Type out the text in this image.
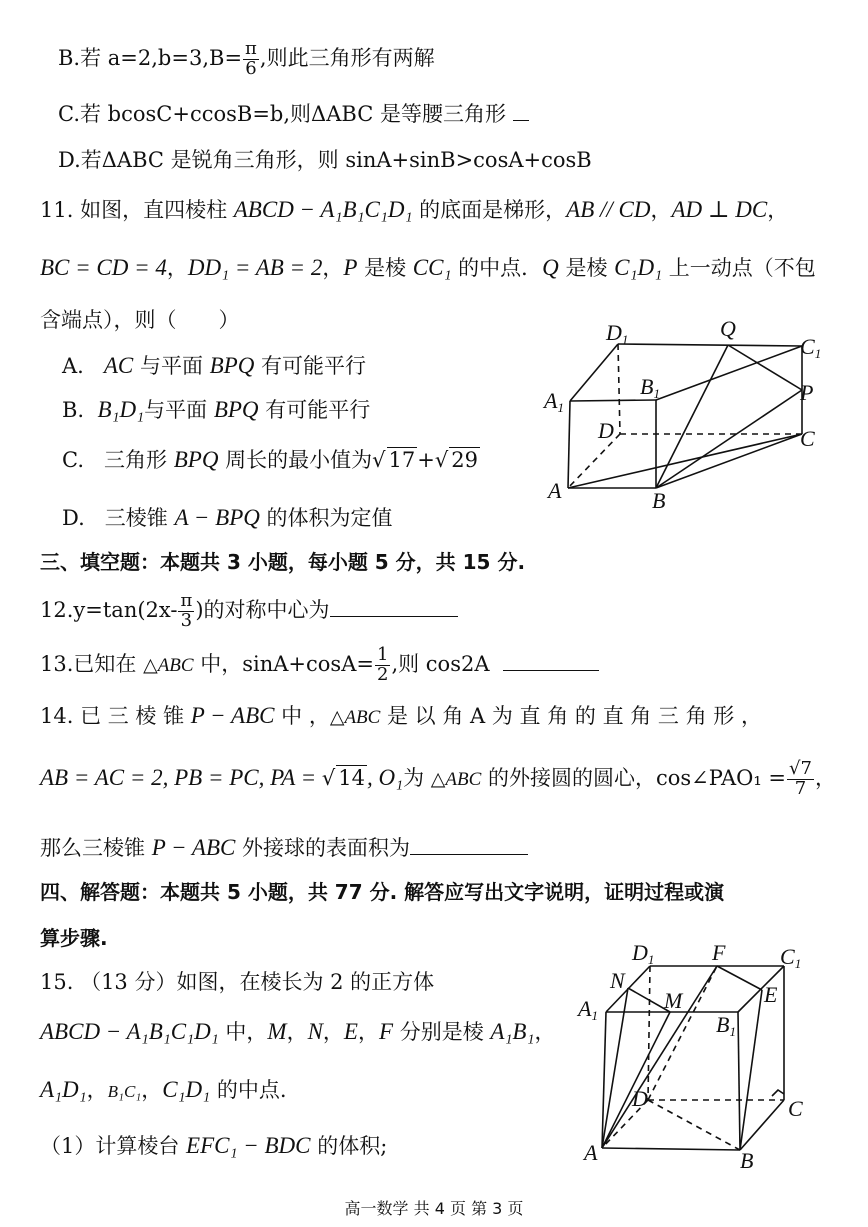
B.若 $a=2,b=3,B= \frac{\pi}{6}$ ,则此三角形有两解
C.若 bcosC+ccosB=b,则ΔABC 是等腰三角形
D.若ΔABC 是锐角三角形，则 sinA+sinB>cosA+cosB
11. 如图，直四棱柱 ABCD − A₁B₁C₁D₁ 的底面是梯形，AB // CD，AD ⊥ DC，
BC = CD = 4，DD₁ = AB = 2，P 是棱 CC₁ 的中点．Q 是棱 C₁D₁ 上一动点（不包
含端点），则（　　）
A. AC 与平面 BPQ 有可能平行
B. B₁D₁与平面 BPQ 有可能平行
C. 三角形 BPQ 周长的最小值为√ 17+√ 29
D. 三棱锥 A − BPQ 的体积为定值
D1	Q
C1
B1
A1
P
D	C
A	B
三、填空题：本题共 3 小题，每小题 5 分，共 15 分.
$12.y=\tan(2x- \frac{\pi}{3}$ )的对称中心为
13.已知在 △ABC 中，$\sin A+\cos A= \frac{1}{2}$ ,则 cos2A
14. 已 三 棱 锥 P − ABC 中 ，△ABC 是 以 角 A 为 直 角 的 直 角 三 角 形 ，
AB = AC = 2, PB = PC, PA = √ 14, O₁为 △ABC 的外接圆的圆心，cos∠PAO₁ = $\frac{√7}{7}$ ，
那么三棱锥 P − ABC 外接球的表面积为
四、解答题：本题共 5 小题，共 77 分. 解答应写出文字说明，证明过程或演
算步骤.
15. （13 分）如图，在棱长为 2 的正方体
ABCD − A₁B₁C₁D₁ 中，M，N，E，F 分别是棱 A₁B₁，
A₁D₁，B₁C₁，C₁D₁ 的中点.
（1）计算棱台 EFC₁ − BDC 的体积;
D1	F C1
N
E
A1
M
B1
D	C
A	B
高一数学 共 4 页 第 3 页
